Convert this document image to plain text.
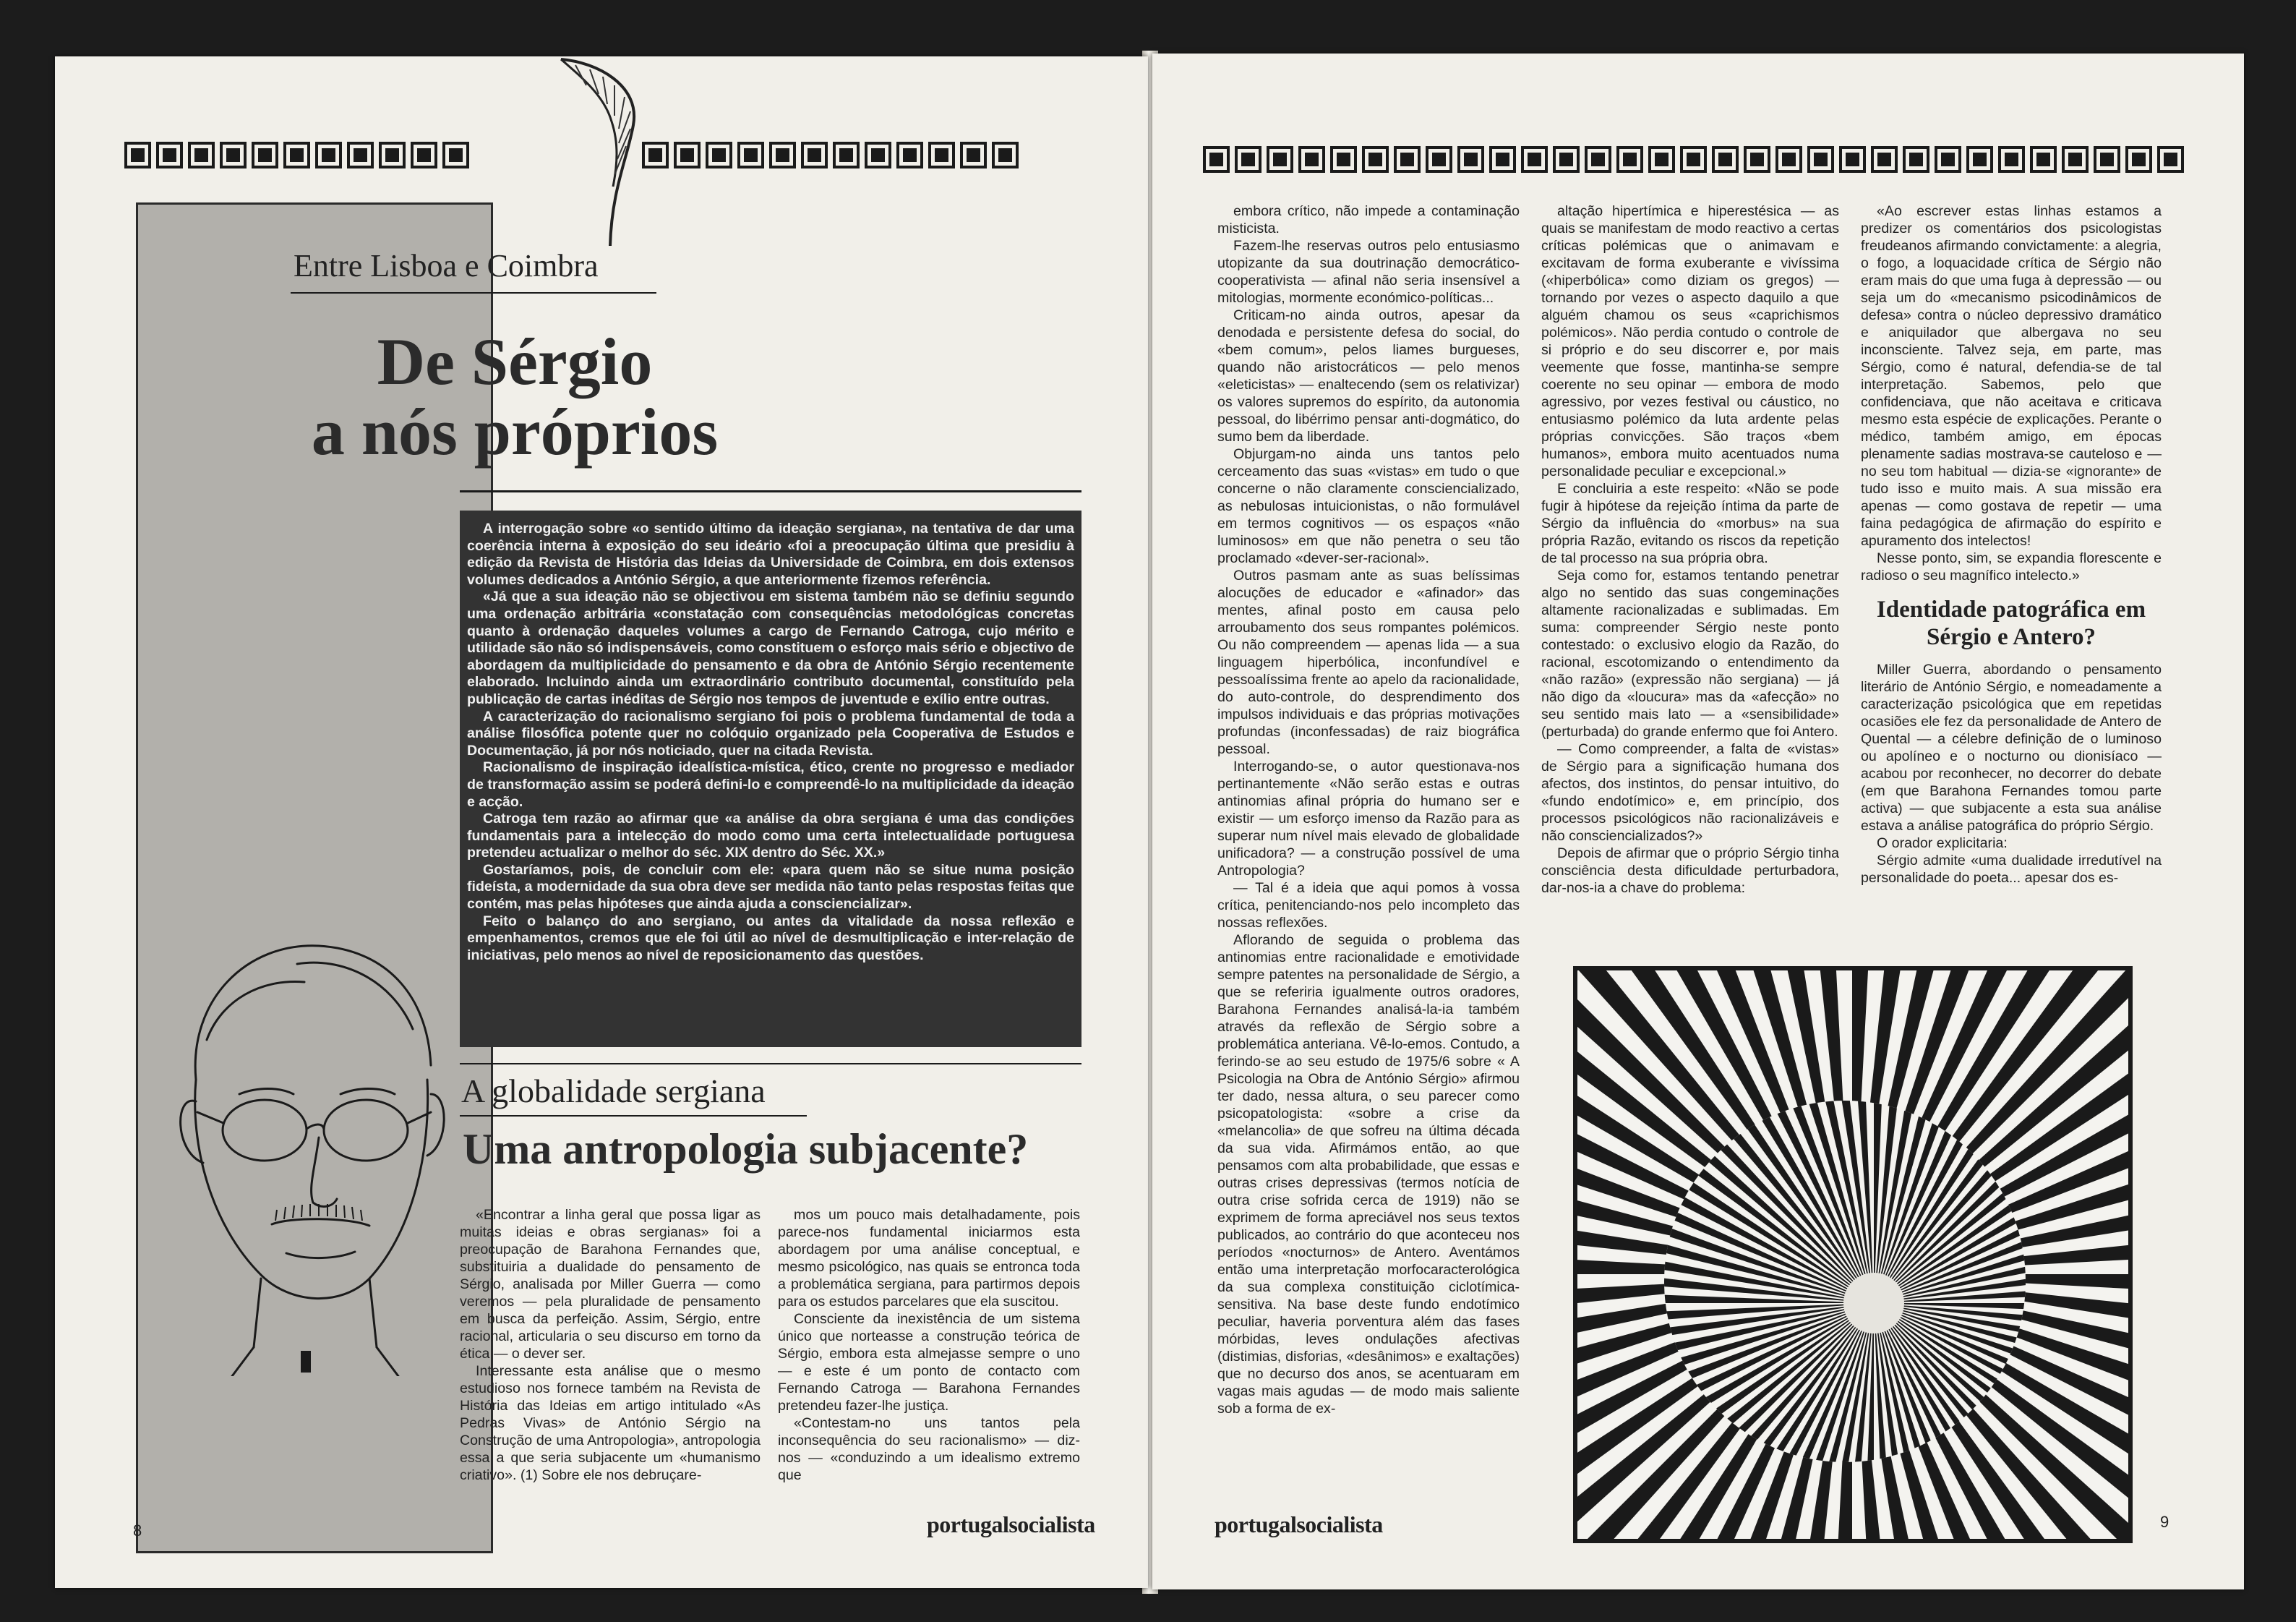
Entre Lisboa e Coimbra
De Sérgio
a nós próprios

A interrogação sobre «o sentido último da ideação sergiana», na tentativa de dar uma coerência interna à exposição do seu ideário «foi a preocupação última que presidiu à edição da Revista de História das Ideias da Universidade de Coimbra, em dois extensos volumes dedicados a António Sérgio, a que anteriormente fizemos referência.

«Já que a sua ideação não se objectivou em sistema também não se definiu segundo uma ordenação arbitrária «constatação com consequências metodológicas concretas quanto à ordenação daqueles volumes a cargo de Fernando Catroga, cujo mérito e utilidade são não só indispensáveis, como constituem o esforço mais sério e objectivo de abordagem da multiplicidade do pensamento e da obra de António Sérgio recentemente elaborado. Incluindo ainda um extraordinário contributo documental, constituído pela publicação de cartas inéditas de Sérgio nos tempos de juventude e exílio entre outras.

A caracterização do racionalismo sergiano foi pois o problema fundamental de toda a análise filosófica potente quer no colóquio organizado pela Cooperativa de Estudos e Documentação, já por nós noticiado, quer na citada Revista.

Racionalismo de inspiração idealística-mística, ético, crente no progresso e mediador de transformação assim se poderá defini-lo e compreendê-lo na multiplicidade da ideação e acção.

Catroga tem razão ao afirmar que «a análise da obra sergiana é uma das condições fundamentais para a intelecção do modo como uma certa intelectualidade portuguesa pretendeu actualizar o melhor do séc. XIX dentro do Séc. XX.»

Gostaríamos, pois, de concluir com ele: «para quem não se situe numa posição fideísta, a modernidade da sua obra deve ser medida não tanto pelas respostas feitas que contém, mas pelas hipóteses que ainda ajuda a consciencializar».

Feito o balanço do ano sergiano, ou antes da vitalidade da nossa reflexão e empenhamentos, cremos que ele foi útil ao nível de desmultiplicação e inter-relação de iniciativas, pelo menos ao nível de reposicionamento das questões.

A globalidade sergiana
Uma antropologia subjacente?

«Encontrar a linha geral que possa ligar as muitas ideias e obras sergianas» foi a preocupação de Barahona Fernandes que, substituiria a dualidade do pensamento de Sérgio, analisada por Miller Guerra — como veremos — pela pluralidade de pensamento em busca da perfeição. Assim, Sérgio, entre racional, articularia o seu discurso em torno da ética — o dever ser.

Interessante esta análise que o mesmo estudioso nos fornece também na Revista de História das Ideias em artigo intitulado «As Pedras Vivas» de António Sérgio na Construção de uma Antropologia», antropologia essa a que seria subjacente um «humanismo criativo». (1) Sobre ele nos debruçare-

mos um pouco mais detalhadamente, pois parece-nos fundamental iniciarmos esta abordagem por uma análise conceptual, e mesmo psicológico, nas quais se entronca toda a problemática sergiana, para partirmos depois para os estudos parcelares que ela suscitou.

Consciente da inexistência de um sistema único que norteasse a construção teórica de Sérgio, embora esta almejasse sempre o uno — e este é um ponto de contacto com Fernando Catroga — Barahona Fernandes pretendeu fazer-lhe justiça.

«Contestam-no uns tantos pela inconsequência do seu racionalismo» — diz-nos — «conduzindo a um idealismo extremo que

8	portugalsocialista

embora crítico, não impede a contaminação misticista.

Fazem-lhe reservas outros pelo entusiasmo utopizante da sua doutrinação democrático-cooperativista — afinal não seria insensível a mitologias, mormente económico-políticas...

Criticam-no ainda outros, apesar da denodada e persistente defesa do social, do «bem comum», pelos liames burgueses, quando não aristocráticos — pelo menos «eleticistas» — enaltecendo (sem os relativizar) os valores supremos do espírito, da autonomia pessoal, do libérrimo pensar anti-dogmático, do sumo bem da liberdade.

Objurgam-no ainda uns tantos pelo cerceamento das suas «vistas» em tudo o que concerne o não claramente consciencializado, as nebulosas intuicionistas, o não formulável em termos cognitivos — os espaços «não luminosos» em que não penetra o seu tão proclamado «dever-ser-racional».

Outros pasmam ante as suas belíssimas alocuções de educador e «afinador» das mentes, afinal posto em causa pelo arroubamento dos seus rompantes polémicos. Ou não compreendem — apenas lida — a sua linguagem hiperbólica, inconfundível e pessoalíssima frente ao apelo da racionalidade, do auto-controle, do desprendimento dos impulsos individuais e das próprias motivações profundas (inconfessadas) de raiz biográfica pessoal.

Interrogando-se, o autor questionava-nos pertinantemente «Não serão estas e outras antinomias afinal própria do humano ser e existir — um esforço imenso da Razão para as superar num nível mais elevado de globalidade unificadora? — a construção possível de uma Antropologia?

— Tal é a ideia que aqui pomos à vossa crítica, penitenciando-nos pelo incompleto das nossas reflexões.

Aflorando de seguida o problema das antinomias entre racionalidade e emotividade sempre patentes na personalidade de Sérgio, a que se referiria igualmente outros oradores, Barahona Fernandes analisá-la-ia também através da reflexão de Sérgio sobre a problemática anteriana. Vê-lo-emos. Contudo, a ferindo-se ao seu estudo de 1975/6 sobre « A Psicologia na Obra de António Sérgio» afirmou ter dado, nessa altura, o seu parecer como psicopatologista: «sobre a crise da «melancolia» de que sofreu na última década da sua vida. Afirmámos então, ao que pensamos com alta probabilidade, que essas e outras crises depressivas (termos notícia de outra crise sofrida cerca de 1919) não se exprimem de forma apreciável nos seus textos publicados, ao contrário do que aconteceu nos períodos «nocturnos» de Antero. Aventámos então uma interpretação morfocaracterológica da sua complexa constituição ciclotímica-sensitiva. Na base deste fundo endotímico peculiar, haveria porventura além das fases mórbidas, leves ondulações afectivas (distimias, disforias, «desânimos» e exaltações) que no decurso dos anos, se acentuaram em vagas mais agudas — de modo mais saliente sob a forma de ex-

altação hipertímica e hiperestésica — as quais se manifestam de modo reactivo a certas críticas polémicas que o animavam e excitavam de forma exuberante e vivíssima («hiperbólica» como diziam os gregos) — tornando por vezes o aspecto daquilo a que alguém chamou os seus «caprichismos polémicos». Não perdia contudo o controle de si próprio e do seu discorrer e, por mais veemente que fosse, mantinha-se sempre coerente no seu opinar — embora de modo agressivo, por vezes festival ou cáustico, no entusiasmo polémico da luta ardente pelas próprias convicções. São traços «bem humanos», embora muito acentuados numa personalidade peculiar e excepcional.»

E concluiria a este respeito: «Não se pode fugir à hipótese da rejeição íntima da parte de Sérgio da influência do «morbus» na sua própria Razão, evitando os riscos da repetição de tal processo na sua própria obra.

Seja como for, estamos tentando penetrar algo no sentido das suas congeminações altamente racionalizadas e sublimadas. Em suma: compreender Sérgio neste ponto contestado: o exclusivo elogio da Razão, do racional, escotomizando o entendimento da «não razão» (expressão não sergiana) — já não digo da «loucura» mas da «afecção» no seu sentido mais lato — a «sensibilidade» (perturbada) do grande enfermo que foi Antero.

— Como compreender, a falta de «vistas» de Sérgio para a significação humana dos afectos, dos instintos, do pensar intuitivo, do «fundo endotímico» e, em princípio, dos processos psicológicos não racionalizáveis e não consciencializados?»

Depois de afirmar que o próprio Sérgio tinha consciência desta dificuldade perturbadora, dar-nos-ia a chave do problema:

«Ao escrever estas linhas estamos a predizer os comentários dos psicologistas freudeanos afirmando convictamente: a alegria, o fogo, a loquacidade crítica de Sérgio não eram mais do que uma fuga à depressão — ou seja um do «mecanismo psicodinâmicos de defesa» contra o núcleo depressivo dramático e aniquilador que albergava no seu inconsciente. Talvez seja, em parte, mas Sérgio, como é natural, defendia-se de tal interpretação. Sabemos, pelo que confidenciava, que não aceitava e criticava mesmo esta espécie de explicações. Perante o médico, também amigo, em épocas plenamente sadias mostrava-se cauteloso e — no seu tom habitual — dizia-se «ignorante» de tudo isso e muito mais. A sua missão era apenas — como gostava de repetir — uma faina pedagógica de afirmação do espírito e apuramento dos intelectos!

Nesse ponto, sim, se expandia florescente e radioso o seu magnífico intelecto.»

Identidade patográfica em Sérgio e Antero?

Miller Guerra, abordando o pensamento literário de António Sérgio, e nomeadamente a caracterização psicológica que em repetidas ocasiões ele fez da personalidade de Antero de Quental — a célebre definição de o luminoso ou apolíneo e o nocturno ou dionisíaco — acabou por reconhecer, no decorrer do debate (em que Barahona Fernandes tomou parte activa) — que subjacente a esta sua análise estava a análise patográfica do próprio Sérgio.

O orador explicitaria:

Sérgio admite «uma dualidade irredutível na personalidade do poeta... apesar dos es-

portugalsocialista	9
